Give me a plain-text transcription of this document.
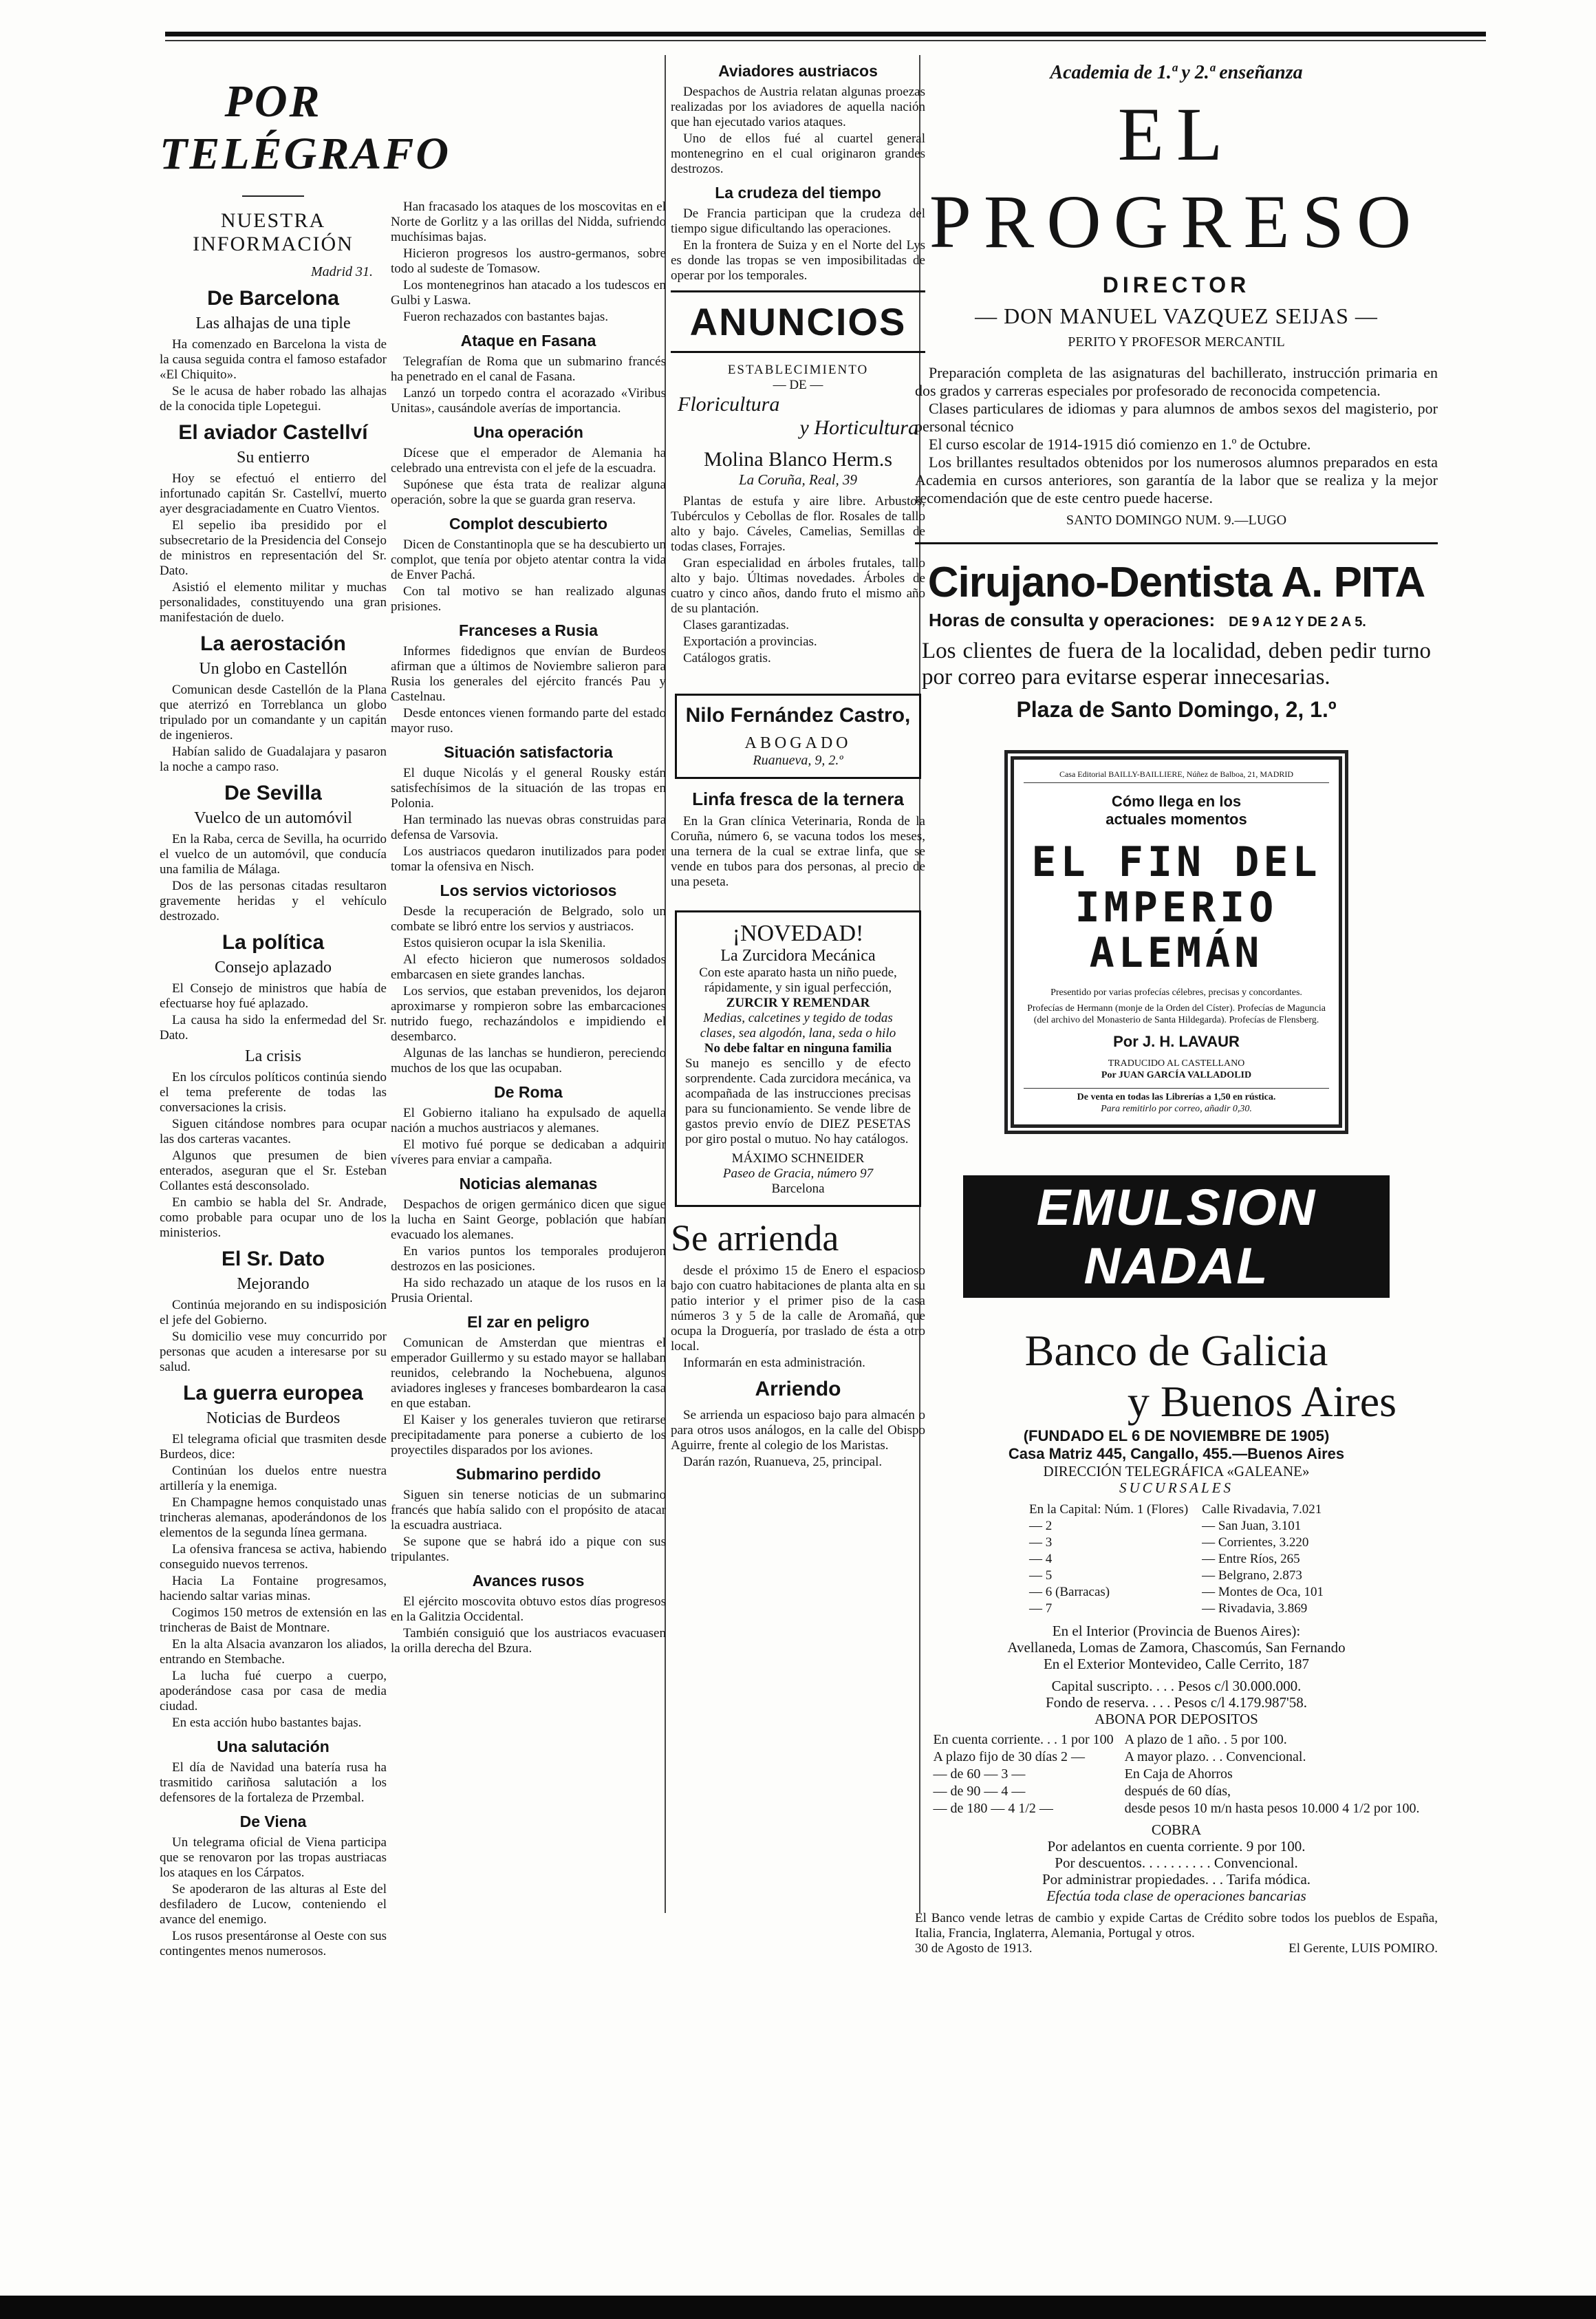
POR TELÉGRAFO
NUESTRA INFORMACIÓN
Madrid 31.
De Barcelona
Las alhajas de una tiple

Ha comenzado en Barcelona la vista de la causa seguida contra el famoso estafador «El Chiquito».

Se le acusa de haber robado las alhajas de la conocida tiple Lopetegui.

El aviador Castellví
Su entierro

Hoy se efectuó el entierro del infortunado capitán Sr. Castellví, muerto ayer desgraciadamente en Cuatro Vientos.

El sepelio iba presidido por el subsecretario de la Presidencia del Consejo de ministros en representación del Sr. Dato.

Asistió el elemento militar y muchas personalidades, constituyendo una gran manifestación de duelo.

La aerostación
Un globo en Castellón

Comunican desde Castellón de la Plana que aterrizó en Torreblanca un globo tripulado por un comandante y un capitán de ingenieros.

Habían salido de Guadalajara y pasaron la noche a campo raso.

De Sevilla
Vuelco de un automóvil

En la Raba, cerca de Sevilla, ha ocurrido el vuelco de un automóvil, que conducía una familia de Málaga.

Dos de las personas citadas resultaron gravemente heridas y el vehículo destrozado.

La política
Consejo aplazado

El Consejo de ministros que había de efectuarse hoy fué aplazado.

La causa ha sido la enfermedad del Sr. Dato.

La crisis

En los círculos políticos continúa siendo el tema preferente de todas las conversaciones la crisis.

Siguen citándose nombres para ocupar las dos carteras vacantes.

Algunos que presumen de bien enterados, aseguran que el Sr. Esteban Collantes está desconsolado.

En cambio se habla del Sr. Andrade, como probable para ocupar uno de los ministerios.

El Sr. Dato
Mejorando

Continúa mejorando en su indisposición el jefe del Gobierno.

Su domicilio vese muy concurrido por personas que acuden a interesarse por su salud.

La guerra europea
Noticias de Burdeos

El telegrama oficial que trasmiten desde Burdeos, dice:

Continúan los duelos entre nuestra artillería y la enemiga.

En Champagne hemos conquistado unas trincheras alemanas, apoderándonos de los elementos de la segunda línea germana.

La ofensiva francesa se activa, habiendo conseguido nuevos terrenos.

Hacia La Fontaine progresamos, haciendo saltar varias minas.

Cogimos 150 metros de extensión en las trincheras de Baist de Montnare.

En la alta Alsacia avanzaron los aliados, entrando en Stembache.

La lucha fué cuerpo a cuerpo, apoderándose casa por casa de media ciudad.

En esta acción hubo bastantes bajas.

Una salutación

El día de Navidad una batería rusa ha trasmitido cariñosa salutación a los defensores de la fortaleza de Przembal.

De Viena

Un telegrama oficial de Viena participa que se renovaron por las tropas austriacas los ataques en los Cárpatos.

Se apoderaron de las alturas al Este del desfiladero de Lucow, conteniendo el avance del enemigo.

Los rusos presentáronse al Oeste con sus contingentes menos numerosos.

Han fracasado los ataques de los moscovitas en el Norte de Gorlitz y a las orillas del Nidda, sufriendo muchísimas bajas.

Hicieron progresos los austro-germanos, sobre todo al sudeste de Tomasow.

Los montenegrinos han atacado a los tudescos en Gulbi y Laswa.

Fueron rechazados con bastantes bajas.

Ataque en Fasana

Telegrafían de Roma que un submarino francés ha penetrado en el canal de Fasana.

Lanzó un torpedo contra el acorazado «Viribus Unitas», causándole averías de importancia.

Una operación

Dícese que el emperador de Alemania ha celebrado una entrevista con el jefe de la escuadra.

Supónese que ésta trata de realizar alguna operación, sobre la que se guarda gran reserva.

Complot descubierto

Dicen de Constantinopla que se ha descubierto un complot, que tenía por objeto atentar contra la vida de Enver Pachá.

Con tal motivo se han realizado algunas prisiones.

Franceses a Rusia

Informes fidedignos que envían de Burdeos afirman que a últimos de Noviembre salieron para Rusia los generales del ejército francés Pau y Castelnau.

Desde entonces vienen formando parte del estado mayor ruso.

Situación satisfactoria

El duque Nicolás y el general Rousky están satisfechísimos de la situación de las tropas en Polonia.

Han terminado las nuevas obras construidas para defensa de Varsovia.

Los austriacos quedaron inutilizados para poder tomar la ofensiva en Nisch.

Los servios victoriosos

Desde la recuperación de Belgrado, solo un combate se libró entre los servios y austriacos.

Estos quisieron ocupar la isla Skenilia.

Al efecto hicieron que numerosos soldados embarcasen en siete grandes lanchas.

Los servios, que estaban prevenidos, los dejaron aproximarse y rompieron sobre las embarcaciones nutrido fuego, rechazándolos e impidiendo el desembarco.

Algunas de las lanchas se hundieron, pereciendo muchos de los que las ocupaban.

De Roma

El Gobierno italiano ha expulsado de aquella nación a muchos austriacos y alemanes.

El motivo fué porque se dedicaban a adquirir víveres para enviar a campaña.

Noticias alemanas

Despachos de origen germánico dicen que sigue la lucha en Saint George, población que habían evacuado los alemanes.

En varios puntos los temporales produjeron destrozos en las posiciones.

Ha sido rechazado un ataque de los rusos en la Prusia Oriental.

El zar en peligro

Comunican de Amsterdan que mientras el emperador Guillermo y su estado mayor se hallaban reunidos, celebrando la Nochebuena, algunos aviadores ingleses y franceses bombardearon la casa en que estaban.

El Kaiser y los generales tuvieron que retirarse precipitadamente para ponerse a cubierto de los proyectiles disparados por los aviones.

Submarino perdido

Siguen sin tenerse noticias de un submarino francés que había salido con el propósito de atacar la escuadra austriaca.

Se supone que se habrá ido a pique con sus tripulantes.

Avances rusos

El ejército moscovita obtuvo estos días progresos en la Galitzia Occidental.

También consiguió que los austriacos evacuasen la orilla derecha del Bzura.

Aviadores austriacos

Despachos de Austria relatan algunas proezas realizadas por los aviadores de aquella nación que han ejecutado varios ataques.

Uno de ellos fué al cuartel general montenegrino en el cual originaron grandes destrozos.

La crudeza del tiempo

De Francia participan que la crudeza del tiempo sigue dificultando las operaciones.

En la frontera de Suiza y en el Norte del Lys es donde las tropas se ven imposibilitadas de operar por los temporales.

ANUNCIOS
ESTABLECIMIENTO
— DE —
Floricultura
y Horticultura
Molina Blanco Herm.s
La Coruña, Real, 39

Plantas de estufa y aire libre. Arbustos, Tubérculos y Cebollas de flor. Rosales de tallo alto y bajo. Cáveles, Camelias, Semillas de todas clases, Forrajes.

Gran especialidad en árboles frutales, tallo alto y bajo. Últimas novedades. Árboles de cuatro y cinco años, dando fruto el mismo año de su plantación.

Clases garantizadas.

Exportación a provincias.

Catálogos gratis.

Nilo Fernández Castro,
ABOGADO
Ruanueva, 9, 2.º
Linfa fresca de la ternera

En la Gran clínica Veterinaria, Ronda de la Coruña, número 6, se vacuna todos los meses, una ternera de la cual se extrae linfa, que se vende en tubos para dos personas, al precio de una peseta.

¡NOVEDAD!
La Zurcidora Mecánica
Con este aparato hasta un niño puede, rápidamente, y sin igual perfección,
ZURCIR Y REMENDAR
Medias, calcetines y tegido de todas clases, sea algodón, lana, seda o hilo
No debe faltar en ninguna familia
Su manejo es sencillo y de efecto sorprendente. Cada zurcidora mecánica, va acompañada de las instrucciones precisas para su funcionamiento. Se vende libre de gastos previo envío de DIEZ PESETAS por giro postal o mutuo. No hay catálogos.
MÁXIMO SCHNEIDER
Paseo de Gracia, número 97
Barcelona
Se arrienda

desde el próximo 15 de Enero el espacioso bajo con cuatro habitaciones de planta alta en su patio interior y el primer piso de la casa números 3 y 5 de la calle de Aromañá, que ocupa la Droguería, por traslado de ésta a otro local.

Informarán en esta administración.

Arriendo

Se arrienda un espacioso bajo para almacén o para otros usos análogos, en la calle del Obispo Aguirre, frente al colegio de los Maristas.

Darán razón, Ruanueva, 25, principal.

Academia de 1.ª y 2.ª enseñanza
EL PROGRESO
DIRECTOR
— DON MANUEL VAZQUEZ SEIJAS —
PERITO Y PROFESOR MERCANTIL

Preparación completa de las asignaturas del bachillerato, instrucción primaria en dos grados y carreras especiales por profesorado de reconocida competencia.

Clases particulares de idiomas y para alumnos de ambos sexos del magisterio, por personal técnico

El curso escolar de 1914-1915 dió comienzo en 1.º de Octubre.

Los brillantes resultados obtenidos por los numerosos alumnos preparados en esta Academia en cursos anteriores, son garantía de la labor que se realiza y la mejor recomendación que de este centro puede hacerse.

SANTO DOMINGO NUM. 9.—LUGO
Cirujano-Dentista A. PITA
Horas de consulta y operaciones: DE 9 A 12 Y DE 2 A 5.
Los clientes de fuera de la localidad, deben pedir turno por correo para evitarse esperar innecesarias.
Plaza de Santo Domingo, 2, 1.º
Casa Editorial BAILLY-BAILLIERE, Núñez de Balboa, 21, MADRID
Cómo llega en los
actuales momentos
EL FIN DEL
IMPERIO
ALEMÁN
Presentido por varias profecías célebres, precisas y concordantes.
Profecías de Hermann (monje de la Orden del Císter). Profecías de Maguncia (del archivo del Monasterio de Santa Hildegarda). Profecías de Flensberg.
Por J. H. LAVAUR
TRADUCIDO AL CASTELLANO
Por JUAN GARCÍA VALLADOLID
De venta en todas las Librerías a 1,50 en rústica.
Para remitirlo por correo, añadir 0,30.
EMULSION NADAL
Banco de Galicia
y Buenos Aires
(FUNDADO EL 6 DE NOVIEMBRE DE 1905)
Casa Matriz 445, Cangallo, 455.—Buenos Aires
DIRECCIÓN TELEGRÁFICA «GALEANE»
SUCURSALES
En la Capital: Núm. 1 (Flores)	Calle Rivadavia, 7.021
— 2	— San Juan, 3.101
— 3	— Corrientes, 3.220
— 4	— Entre Ríos, 265
— 5	— Belgrano, 2.873
— 6 (Barracas)	— Montes de Oca, 101
— 7	— Rivadavia, 3.869
En el Interior (Provincia de Buenos Aires):
Avellaneda, Lomas de Zamora, Chascomús, San Fernando
En el Exterior Montevideo, Calle Cerrito, 187
Capital suscripto. . . . Pesos c/l 30.000.000.
Fondo de reserva. . . . Pesos c/l 4.179.987'58.
ABONA POR DEPOSITOS
En cuenta corriente. . . 1 por 100	A plazo de 1 año. . 5 por 100.
A plazo fijo de 30 días 2 —	A mayor plazo. . . Convencional.
— de 60 — 3 —	En Caja de Ahorros
— de 90 — 4 —	después de 60 días,
— de 180 — 4 1/2 —	desde pesos 10 m/n hasta pesos 10.000 4 1/2 por 100.
COBRA
Por adelantos en cuenta corriente. 9 por 100.
Por descuentos. . . . . . . . . . Convencional.
Por administrar propiedades. . . Tarifa módica.
Efectúa toda clase de operaciones bancarias
El Banco vende letras de cambio y expide Cartas de Crédito sobre todos los pueblos de España, Italia, Francia, Inglaterra, Alemania, Portugal y otros.
30 de Agosto de 1913.	El Gerente, LUIS POMIRO.
